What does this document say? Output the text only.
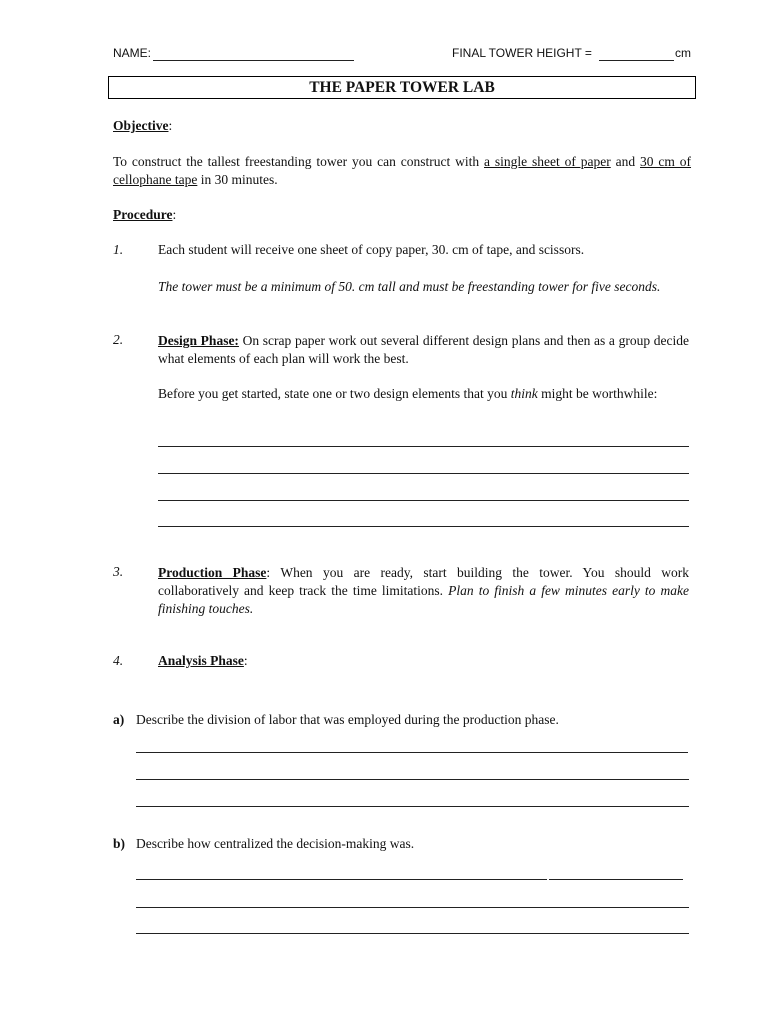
NAME:	FINAL TOWER HEIGHT =	cm
THE PAPER TOWER LAB
Objective:
To construct the tallest freestanding tower you can construct with a single sheet of paper and 30 cm of cellophane tape in 30 minutes.
Procedure:
1.	Each student will receive one sheet of copy paper, 30. cm of tape, and scissors.
The tower must be a minimum of 50. cm tall and must be freestanding tower for five seconds.
2.	Design Phase: On scrap paper work out several different design plans and then as a group decide what elements of each plan will work the best.
Before you get started, state one or two design elements that you think might be worthwhile:
3.	Production Phase: When you are ready, start building the tower. You should work collaboratively and keep track the time limitations. Plan to finish a few minutes early to make finishing touches.
4.	Analysis Phase:
a) Describe the division of labor that was employed during the production phase.
b) Describe how centralized the decision-making was.
